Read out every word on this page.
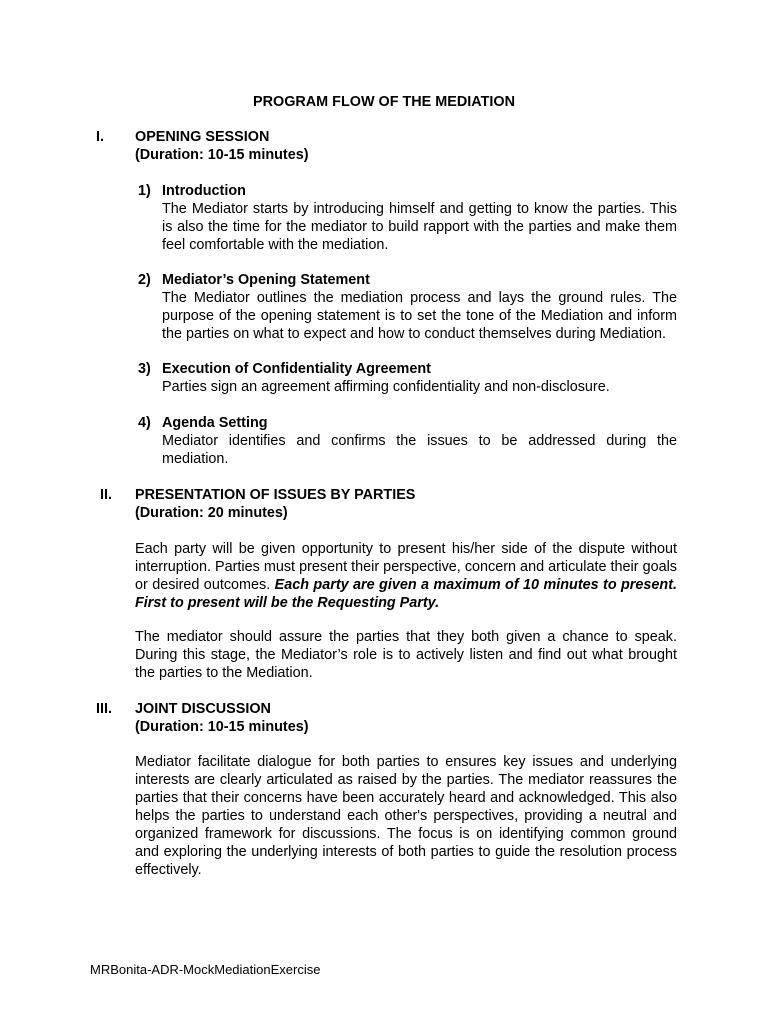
PROGRAM FLOW OF THE MEDIATION
I.	OPENING SESSION
(Duration: 10-15 minutes)
1) Introduction
The Mediator starts by introducing himself and getting to know the parties. This is also the time for the mediator to build rapport with the parties and make them feel comfortable with the mediation.
2) Mediator’s Opening Statement
The Mediator outlines the mediation process and lays the ground rules. The purpose of the opening statement is to set the tone of the Mediation and inform the parties on what to expect and how to conduct themselves during Mediation.
3) Execution of Confidentiality Agreement
Parties sign an agreement affirming confidentiality and non-disclosure.
4) Agenda Setting
Mediator identifies and confirms the issues to be addressed during the mediation.
II.	PRESENTATION OF ISSUES BY PARTIES
(Duration: 20 minutes)
Each party will be given opportunity to present his/her side of the dispute without interruption. Parties must present their perspective, concern and articulate their goals or desired outcomes. Each party are given a maximum of 10 minutes to present. First to present will be the Requesting Party.
The mediator should assure the parties that they both given a chance to speak. During this stage, the Mediator’s role is to actively listen and find out what brought the parties to the Mediation.
III.	JOINT DISCUSSION
(Duration: 10-15 minutes)
Mediator facilitate dialogue for both parties to ensures key issues and underlying interests are clearly articulated as raised by the parties. The mediator reassures the parties that their concerns have been accurately heard and acknowledged. This also helps the parties to understand each other's perspectives, providing a neutral and organized framework for discussions. The focus is on identifying common ground and exploring the underlying interests of both parties to guide the resolution process effectively.
MRBonita-ADR-MockMediationExercise
